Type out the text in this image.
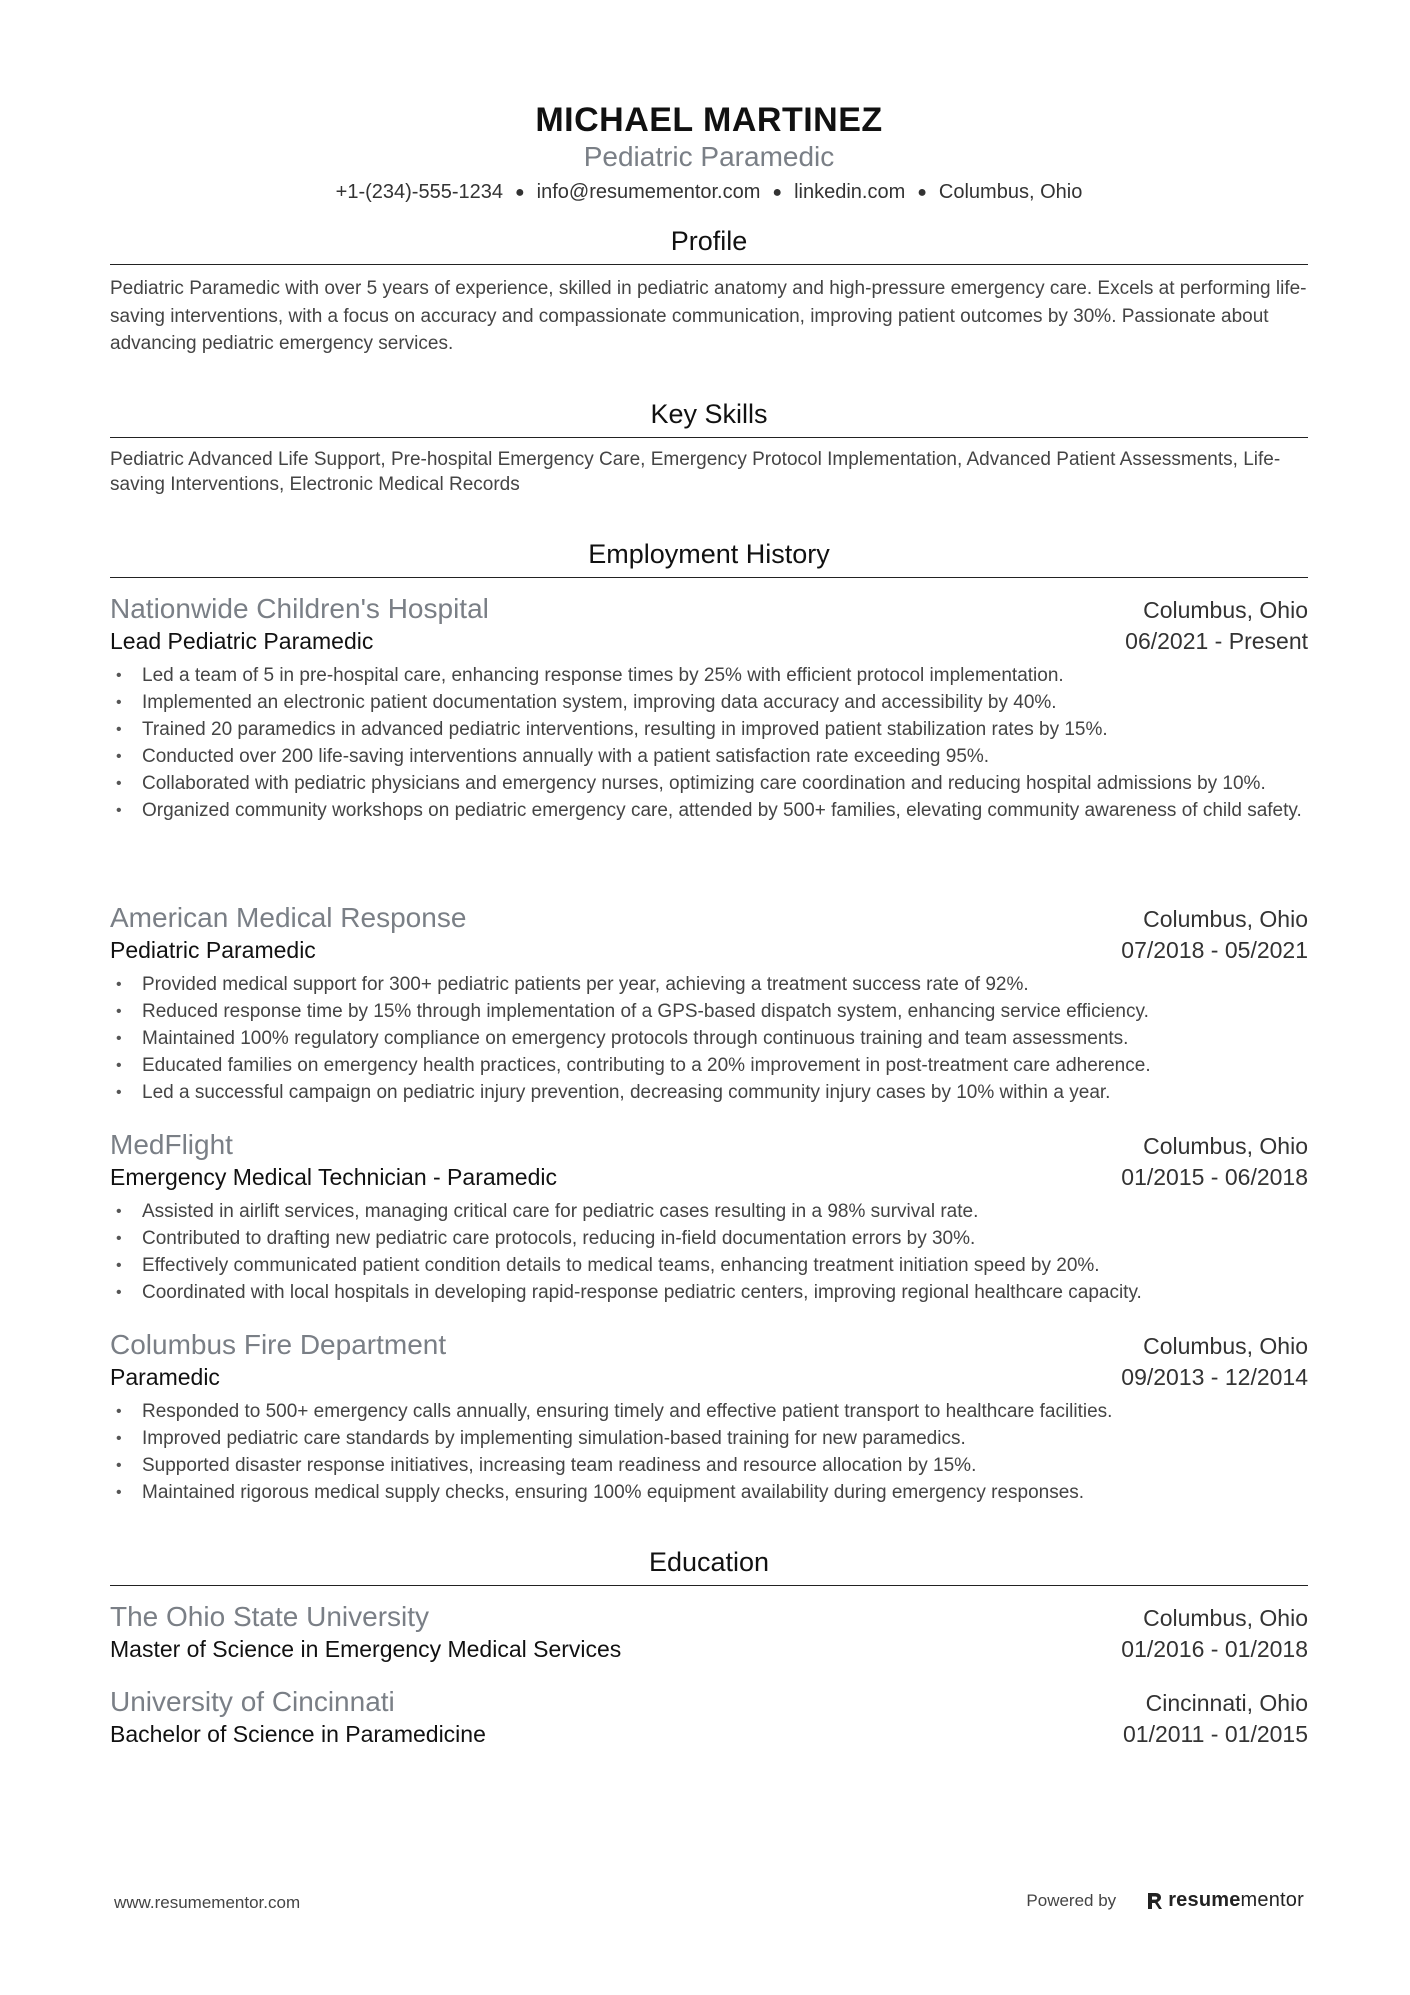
MICHAEL MARTINEZ
Pediatric Paramedic
+1-(234)-555-1234 ● info@resumementor.com ● linkedin.com ● Columbus, Ohio
Profile
Pediatric Paramedic with over 5 years of experience, skilled in pediatric anatomy and high-pressure emergency care. Excels at performing life-saving interventions, with a focus on accuracy and compassionate communication, improving patient outcomes by 30%. Passionate about advancing pediatric emergency services.
Key Skills
Pediatric Advanced Life Support, Pre-hospital Emergency Care, Emergency Protocol Implementation, Advanced Patient Assessments, Life-saving Interventions, Electronic Medical Records
Employment History
Nationwide Children's Hospital	Columbus, Ohio
Lead Pediatric Paramedic	06/2021 - Present
• Led a team of 5 in pre-hospital care, enhancing response times by 25% with efficient protocol implementation.
• Implemented an electronic patient documentation system, improving data accuracy and accessibility by 40%.
• Trained 20 paramedics in advanced pediatric interventions, resulting in improved patient stabilization rates by 15%.
• Conducted over 200 life-saving interventions annually with a patient satisfaction rate exceeding 95%.
• Collaborated with pediatric physicians and emergency nurses, optimizing care coordination and reducing hospital admissions by 10%.
• Organized community workshops on pediatric emergency care, attended by 500+ families, elevating community awareness of child safety.
American Medical Response	Columbus, Ohio
Pediatric Paramedic	07/2018 - 05/2021
• Provided medical support for 300+ pediatric patients per year, achieving a treatment success rate of 92%.
• Reduced response time by 15% through implementation of a GPS-based dispatch system, enhancing service efficiency.
• Maintained 100% regulatory compliance on emergency protocols through continuous training and team assessments.
• Educated families on emergency health practices, contributing to a 20% improvement in post-treatment care adherence.
• Led a successful campaign on pediatric injury prevention, decreasing community injury cases by 10% within a year.
MedFlight	Columbus, Ohio
Emergency Medical Technician - Paramedic	01/2015 - 06/2018
• Assisted in airlift services, managing critical care for pediatric cases resulting in a 98% survival rate.
• Contributed to drafting new pediatric care protocols, reducing in-field documentation errors by 30%.
• Effectively communicated patient condition details to medical teams, enhancing treatment initiation speed by 20%.
• Coordinated with local hospitals in developing rapid-response pediatric centers, improving regional healthcare capacity.
Columbus Fire Department	Columbus, Ohio
Paramedic	09/2013 - 12/2014
• Responded to 500+ emergency calls annually, ensuring timely and effective patient transport to healthcare facilities.
• Improved pediatric care standards by implementing simulation-based training for new paramedics.
• Supported disaster response initiatives, increasing team readiness and resource allocation by 15%.
• Maintained rigorous medical supply checks, ensuring 100% equipment availability during emergency responses.
Education
The Ohio State University	Columbus, Ohio
Master of Science in Emergency Medical Services	01/2016 - 01/2018
University of Cincinnati	Cincinnati, Ohio
Bachelor of Science in Paramedicine	01/2011 - 01/2015
www.resumementor.com	Powered by	resume mentor
